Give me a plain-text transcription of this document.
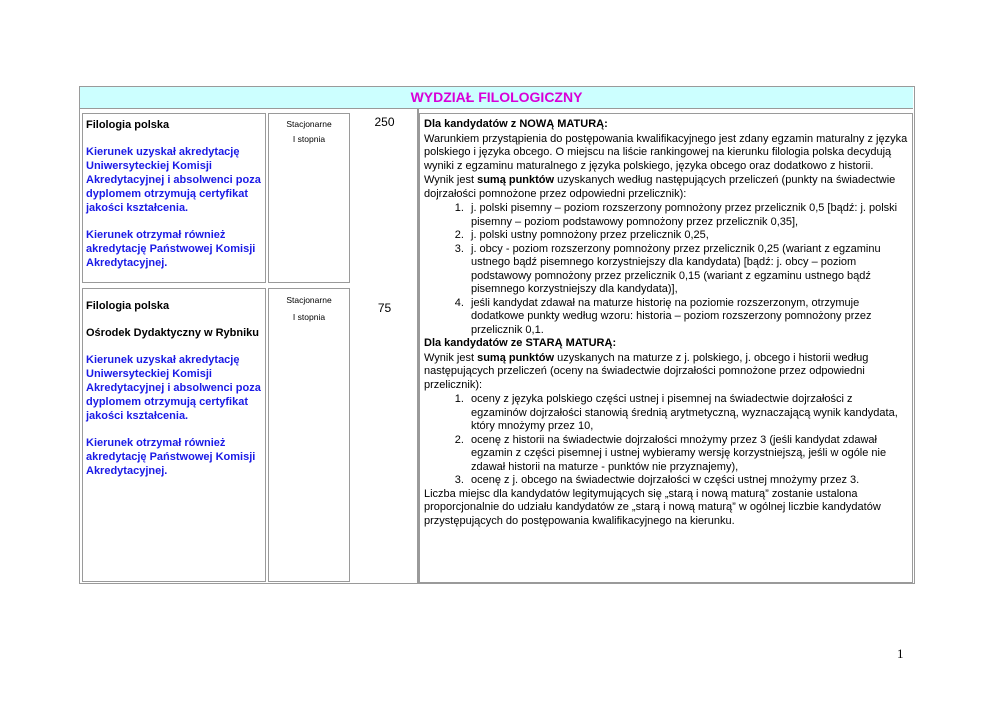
WYDZIAŁ FILOLOGICZNY
Filologia polska
Kierunek uzyskał akredytację Uniwersyteckiej Komisji Akredytacyjnej i absolwenci poza dyplomem otrzymują certyfikat jakości kształcenia.
Kierunek otrzymał również akredytację Państwowej Komisji Akredytacyjnej.
Stacjonarne
I stopnia
250
Filologia polska
Ośrodek Dydaktyczny w Rybniku
Kierunek uzyskał akredytację Uniwersyteckiej Komisji Akredytacyjnej i absolwenci poza dyplomem otrzymują certyfikat jakości kształcenia.
Kierunek otrzymał również akredytację Państwowej Komisji Akredytacyjnej.
Stacjonarne
I stopnia
75

Dla kandydatów z NOWĄ MATURĄ:

Warunkiem przystąpienia do postępowania kwalifikacyjnego jest zdany egzamin maturalny z języka polskiego i języka obcego. O miejscu na liście rankingowej na kierunku filologia polska decydują wyniki z egzaminu maturalnego z języka polskiego, języka obcego oraz dodatkowo z historii.

Wynik jest sumą punktów uzyskanych według następujących przeliczeń (punkty na świadectwie dojrzałości pomnożone przez odpowiedni przelicznik):

1. j. polski pisemny – poziom rozszerzony pomnożony przez przelicznik 0,5 [bądź: j. polski pisemny – poziom podstawowy pomnożony przez przelicznik 0,35],
2. j. polski ustny pomnożony przez przelicznik 0,25,
3. j. obcy - poziom rozszerzony pomnożony przez przelicznik 0,25 (wariant z egzaminu ustnego bądź pisemnego korzystniejszy dla kandydata) [bądź: j. obcy – poziom podstawowy pomnożony przez przelicznik 0,15 (wariant z egzaminu ustnego bądź pisemnego korzystniejszy dla kandydata)],
4. jeśli kandydat zdawał na maturze historię na poziomie rozszerzonym, otrzymuje dodatkowe punkty według wzoru: historia – poziom rozszerzony pomnożony przez przelicznik 0,1.

Dla kandydatów ze STARĄ MATURĄ:

Wynik jest sumą punktów uzyskanych na maturze z j. polskiego, j. obcego i historii według następujących przeliczeń (oceny na świadectwie dojrzałości pomnożone przez odpowiedni przelicznik):

1. oceny z języka polskiego części ustnej i pisemnej na świadectwie dojrzałości z egzaminów dojrzałości stanowią średnią arytmetyczną, wyznaczającą wynik kandydata, który mnożymy przez 10,
2. ocenę z historii na świadectwie dojrzałości mnożymy przez 3 (jeśli kandydat zdawał egzamin z części pisemnej i ustnej wybieramy wersję korzystniejszą, jeśli w ogóle nie zdawał historii na maturze - punktów nie przyznajemy),
3. ocenę z j. obcego na świadectwie dojrzałości w części ustnej mnożymy przez 3.

Liczba miejsc dla kandydatów legitymujących się „starą i nową maturą” zostanie ustalona proporcjonalnie do udziału kandydatów ze „starą i nową maturą” w ogólnej liczbie kandydatów przystępujących do postępowania kwalifikacyjnego na kierunku.

1
